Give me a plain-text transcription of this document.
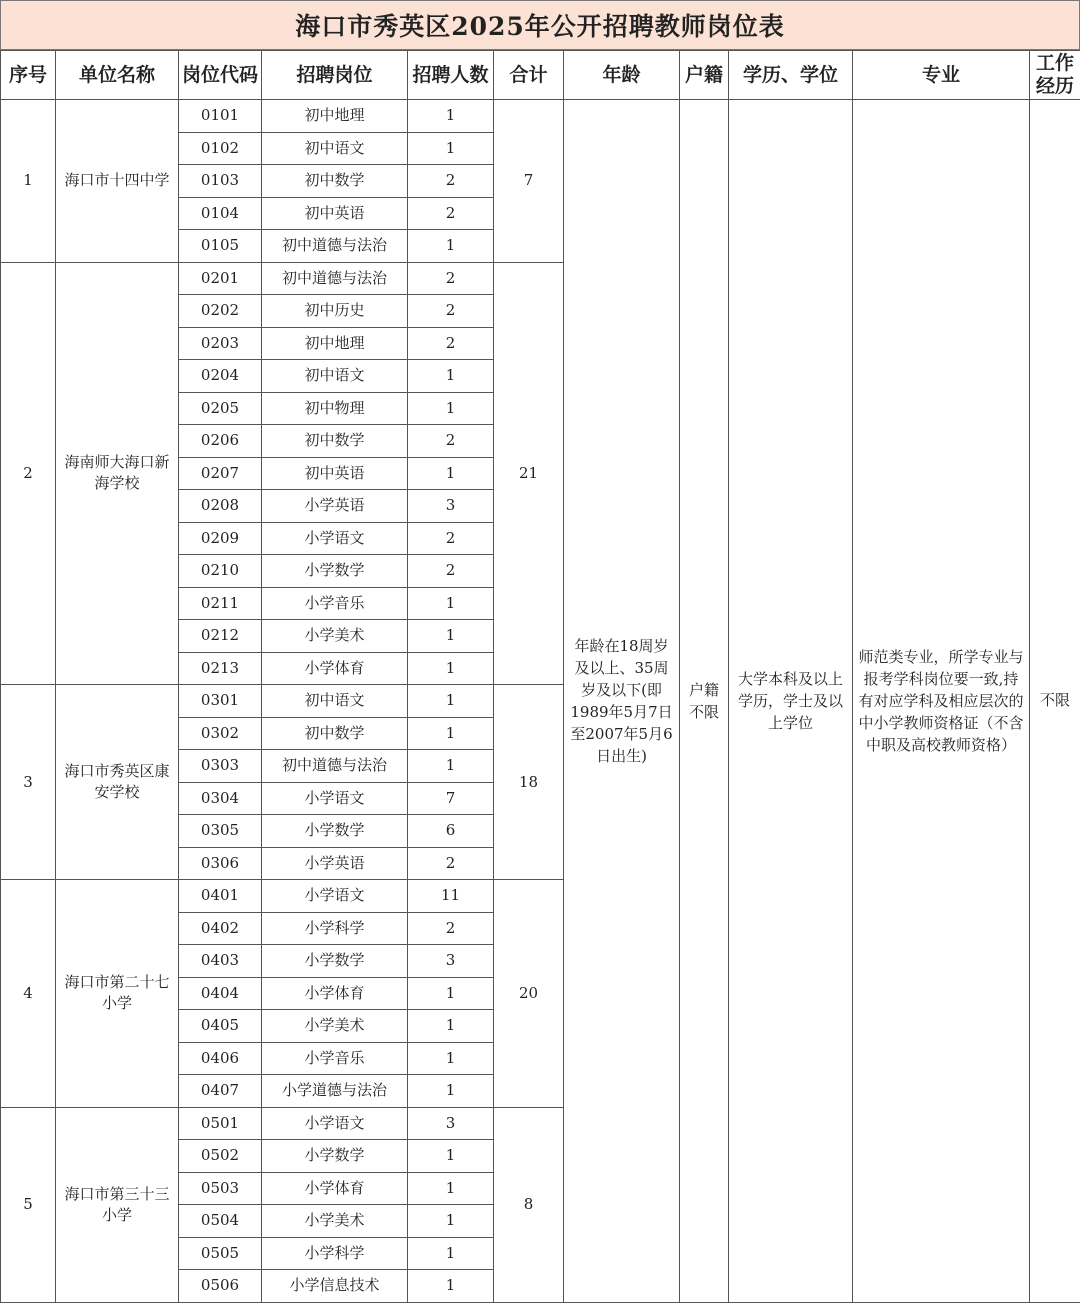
海口市秀英区2025年公开招聘教师岗位表
序号	单位名称	岗位代码	招聘岗位	招聘人数	合计	年龄	户籍	学历、学位	专业	工作经历
1	海口市十四中学	0101	初中地理	1	7	年龄在18周岁及以上、35周岁及以下(即1989年5月7日至2007年5月6日出生)	户籍不限	大学本科及以上学历，学士及以上学位	师范类专业，所学专业与报考学科岗位要一致,持有对应学科及相应层次的中小学教师资格证（不含中职及高校教师资格）	不限
		0102	初中语文	1						
		0103	初中数学	2						
		0104	初中英语	2						
		0105	初中道德与法治	1						
2	海南师大海口新海学校	0201	初中道德与法治	2	21					
		0202	初中历史	2						
		0203	初中地理	2						
		0204	初中语文	1						
		0205	初中物理	1						
		0206	初中数学	2						
		0207	初中英语	1						
		0208	小学英语	3						
		0209	小学语文	2						
		0210	小学数学	2						
		0211	小学音乐	1						
		0212	小学美术	1						
		0213	小学体育	1						
3	海口市秀英区康安学校	0301	初中语文	1	18					
		0302	初中数学	1						
		0303	初中道德与法治	1						
		0304	小学语文	7						
		0305	小学数学	6						
		0306	小学英语	2						
4	海口市第二十七小学	0401	小学语文	11	20					
		0402	小学科学	2						
		0403	小学数学	3						
		0404	小学体育	1						
		0405	小学美术	1						
		0406	小学音乐	1						
		0407	小学道德与法治	1						
5	海口市第三十三小学	0501	小学语文	3	8					
		0502	小学数学	1						
		0503	小学体育	1						
		0504	小学美术	1						
		0505	小学科学	1						
		0506	小学信息技术	1						
